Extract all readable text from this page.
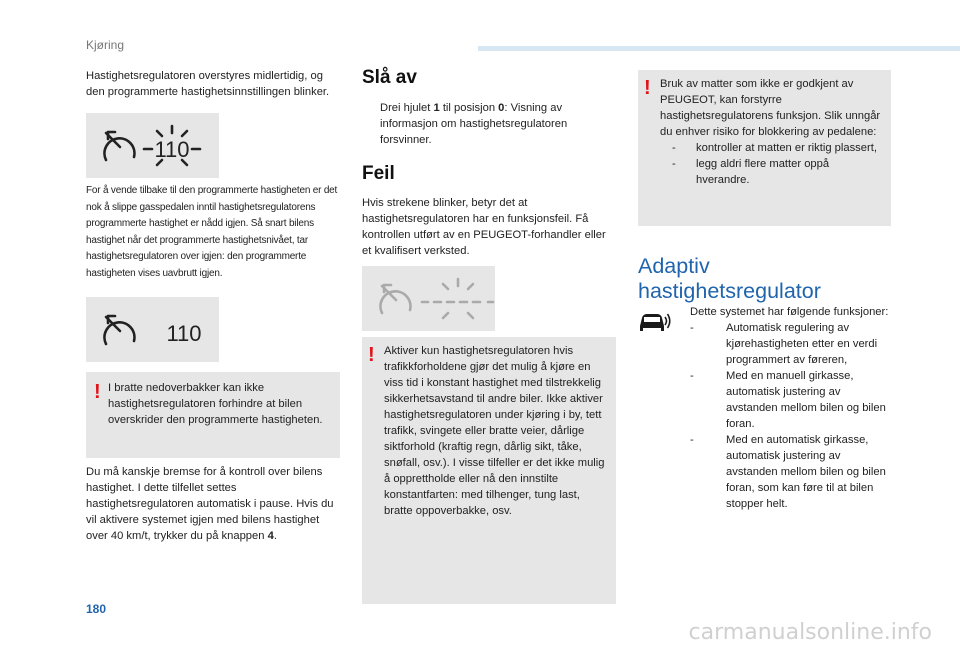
Kjøring
Hastighetsregulatoren overstyres midlertidig, og den programmerte hastighetsinnstillingen blinker.
110
For å vende tilbake til den programmerte hastigheten er det nok å slippe gasspedalen inntil hastighetsregulatorens programmerte hastighet er nådd igjen. Så snart bilens hastighet når det programmerte hastighetsnivået, tar hastighetsregulatoren over igjen: den programmerte hastigheten vises uavbrutt igjen.
110
! I bratte nedoverbakker kan ikke hastighetsregulatoren forhindre at bilen overskrider den programmerte hastigheten.
Du må kanskje bremse for å kontroll over bilens hastighet. I dette tilfellet settes hastighetsregulatoren automatisk i pause. Hvis du vil aktivere systemet igjen med bilens hastighet over 40 km/t, trykker du på knappen 4.
Slå av
Drei hjulet 1 til posisjon 0: Visning av informasjon om hastighetsregulatoren forsvinner.
Feil
Hvis strekene blinker, betyr det at hastighetsregulatoren har en funksjonsfeil. Få kontrollen utført av en PEUGEOT-forhandler eller et kvalifisert verksted.
! Aktiver kun hastighetsregulatoren hvis trafikkforholdene gjør det mulig å kjøre en viss tid i konstant hastighet med tilstrekkelig sikkerhetsavstand til andre biler. Ikke aktiver hastighetsregulatoren under kjøring i by, tett trafikk, svingete eller bratte veier, dårlige siktforhold (kraftig regn, dårlig sikt, tåke, snøfall, osv.). I visse tilfeller er det ikke mulig å opprettholde eller nå den innstilte konstantfarten: med tilhenger, tung last, bratte oppoverbakke, osv.
! Bruk av matter som ikke er godkjent av PEUGEOT, kan forstyrre hastighetsregulatorens funksjon. Slik unngår du enhver risiko for blokkering av pedalene:
- kontroller at matten er riktig plassert,
- legg aldri flere matter oppå hverandre.
Adaptiv
hastighetsregulator
Dette systemet har følgende funksjoner:
-	Automatisk regulering av kjørehastigheten etter en verdi programmert av føreren,
-	Med en manuell girkasse, automatisk justering av avstanden mellom bilen og bilen foran.
-	Med en automatisk girkasse, automatisk justering av avstanden mellom bilen og bilen foran, som kan føre til at bilen stopper helt.
180
carmanualsonline.info
